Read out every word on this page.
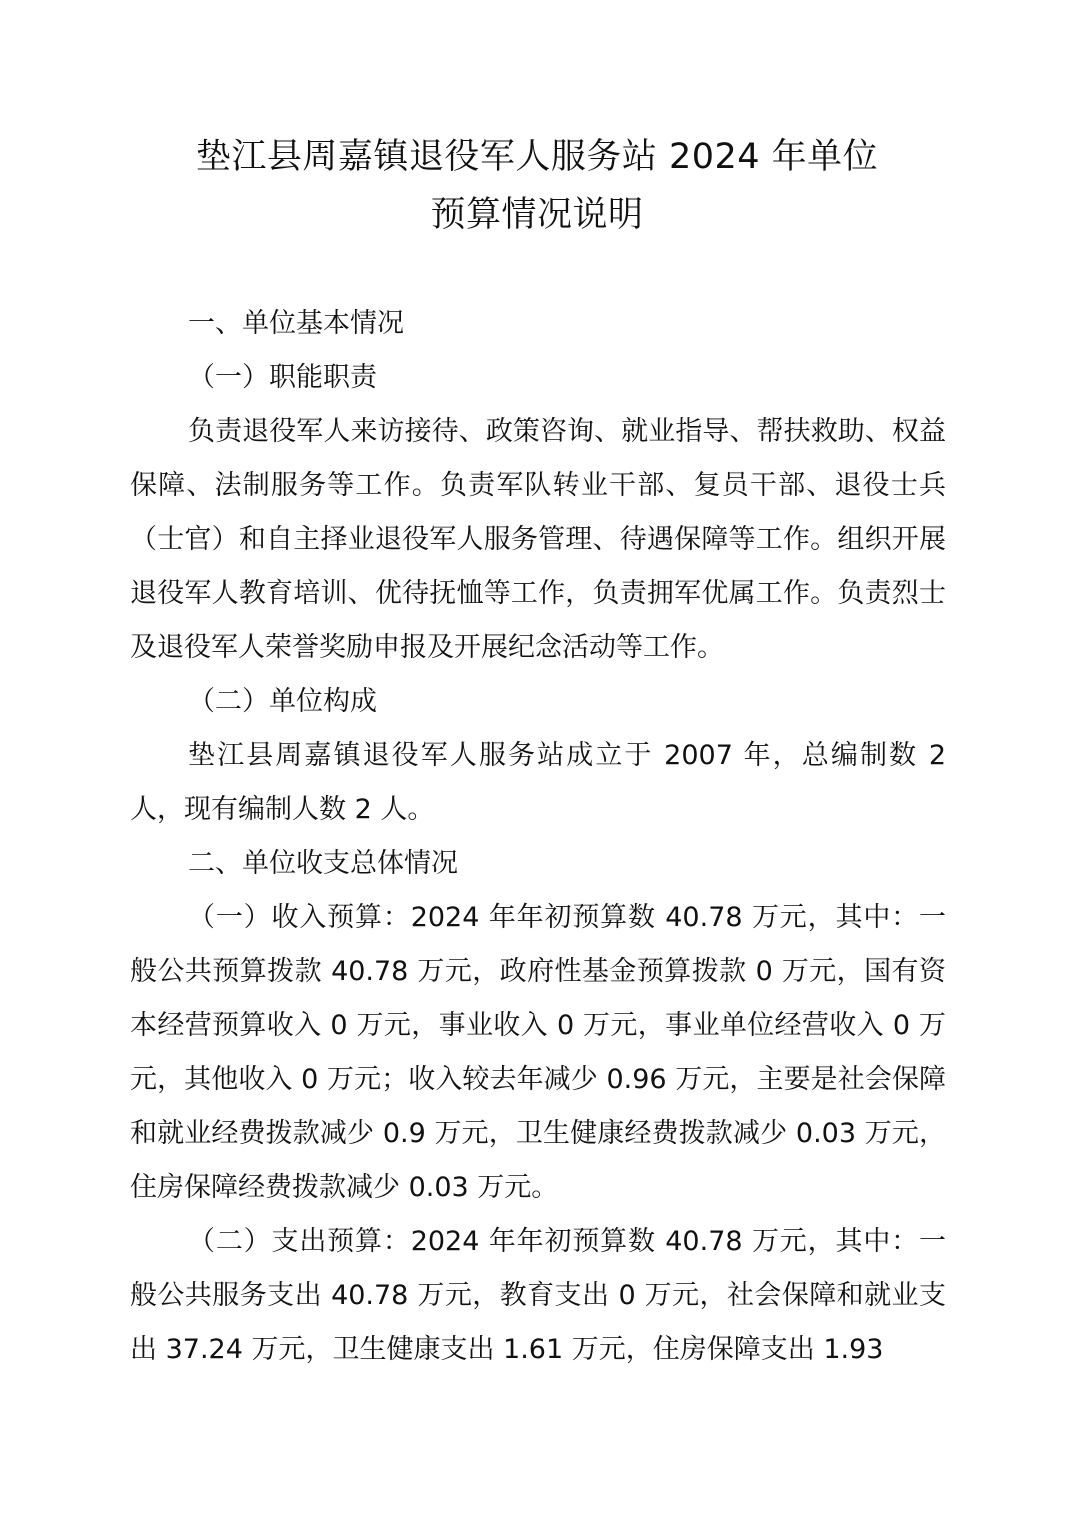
垫江县周嘉镇退役军人服务站 2024 年单位
预算情况说明

一、单位基本情况

（一）职能职责

负责退役军人来访接待、政策咨询、就业指导、帮扶救助、权益保障、法制服务等工作。负责军队转业干部、复员干部、退役士兵（士官）和自主择业退役军人服务管理、待遇保障等工作。组织开展退役军人教育培训、优待抚恤等工作，负责拥军优属工作。负责烈士及退役军人荣誉奖励申报及开展纪念活动等工作。

（二）单位构成

垫江县周嘉镇退役军人服务站成立于 2007 年，总编制数 2 人，现有编制人数 2 人。

二、单位收支总体情况

（一）收入预算：2024 年年初预算数 40.78 万元，其中：一般公共预算拨款 40.78 万元，政府性基金预算拨款 0 万元，国有资本经营预算收入 0 万元，事业收入 0 万元，事业单位经营收入 0 万元，其他收入 0 万元；收入较去年减少 0.96 万元，主要是社会保障和就业经费拨款减少 0.9 万元，卫生健康经费拨款减少 0.03 万元，住房保障经费拨款减少 0.03 万元。

（二）支出预算：2024 年年初预算数 40.78 万元，其中：一般公共服务支出 40.78 万元，教育支出 0 万元，社会保障和就业支出 37.24 万元，卫生健康支出 1.61 万元，住房保障支出 1.93
